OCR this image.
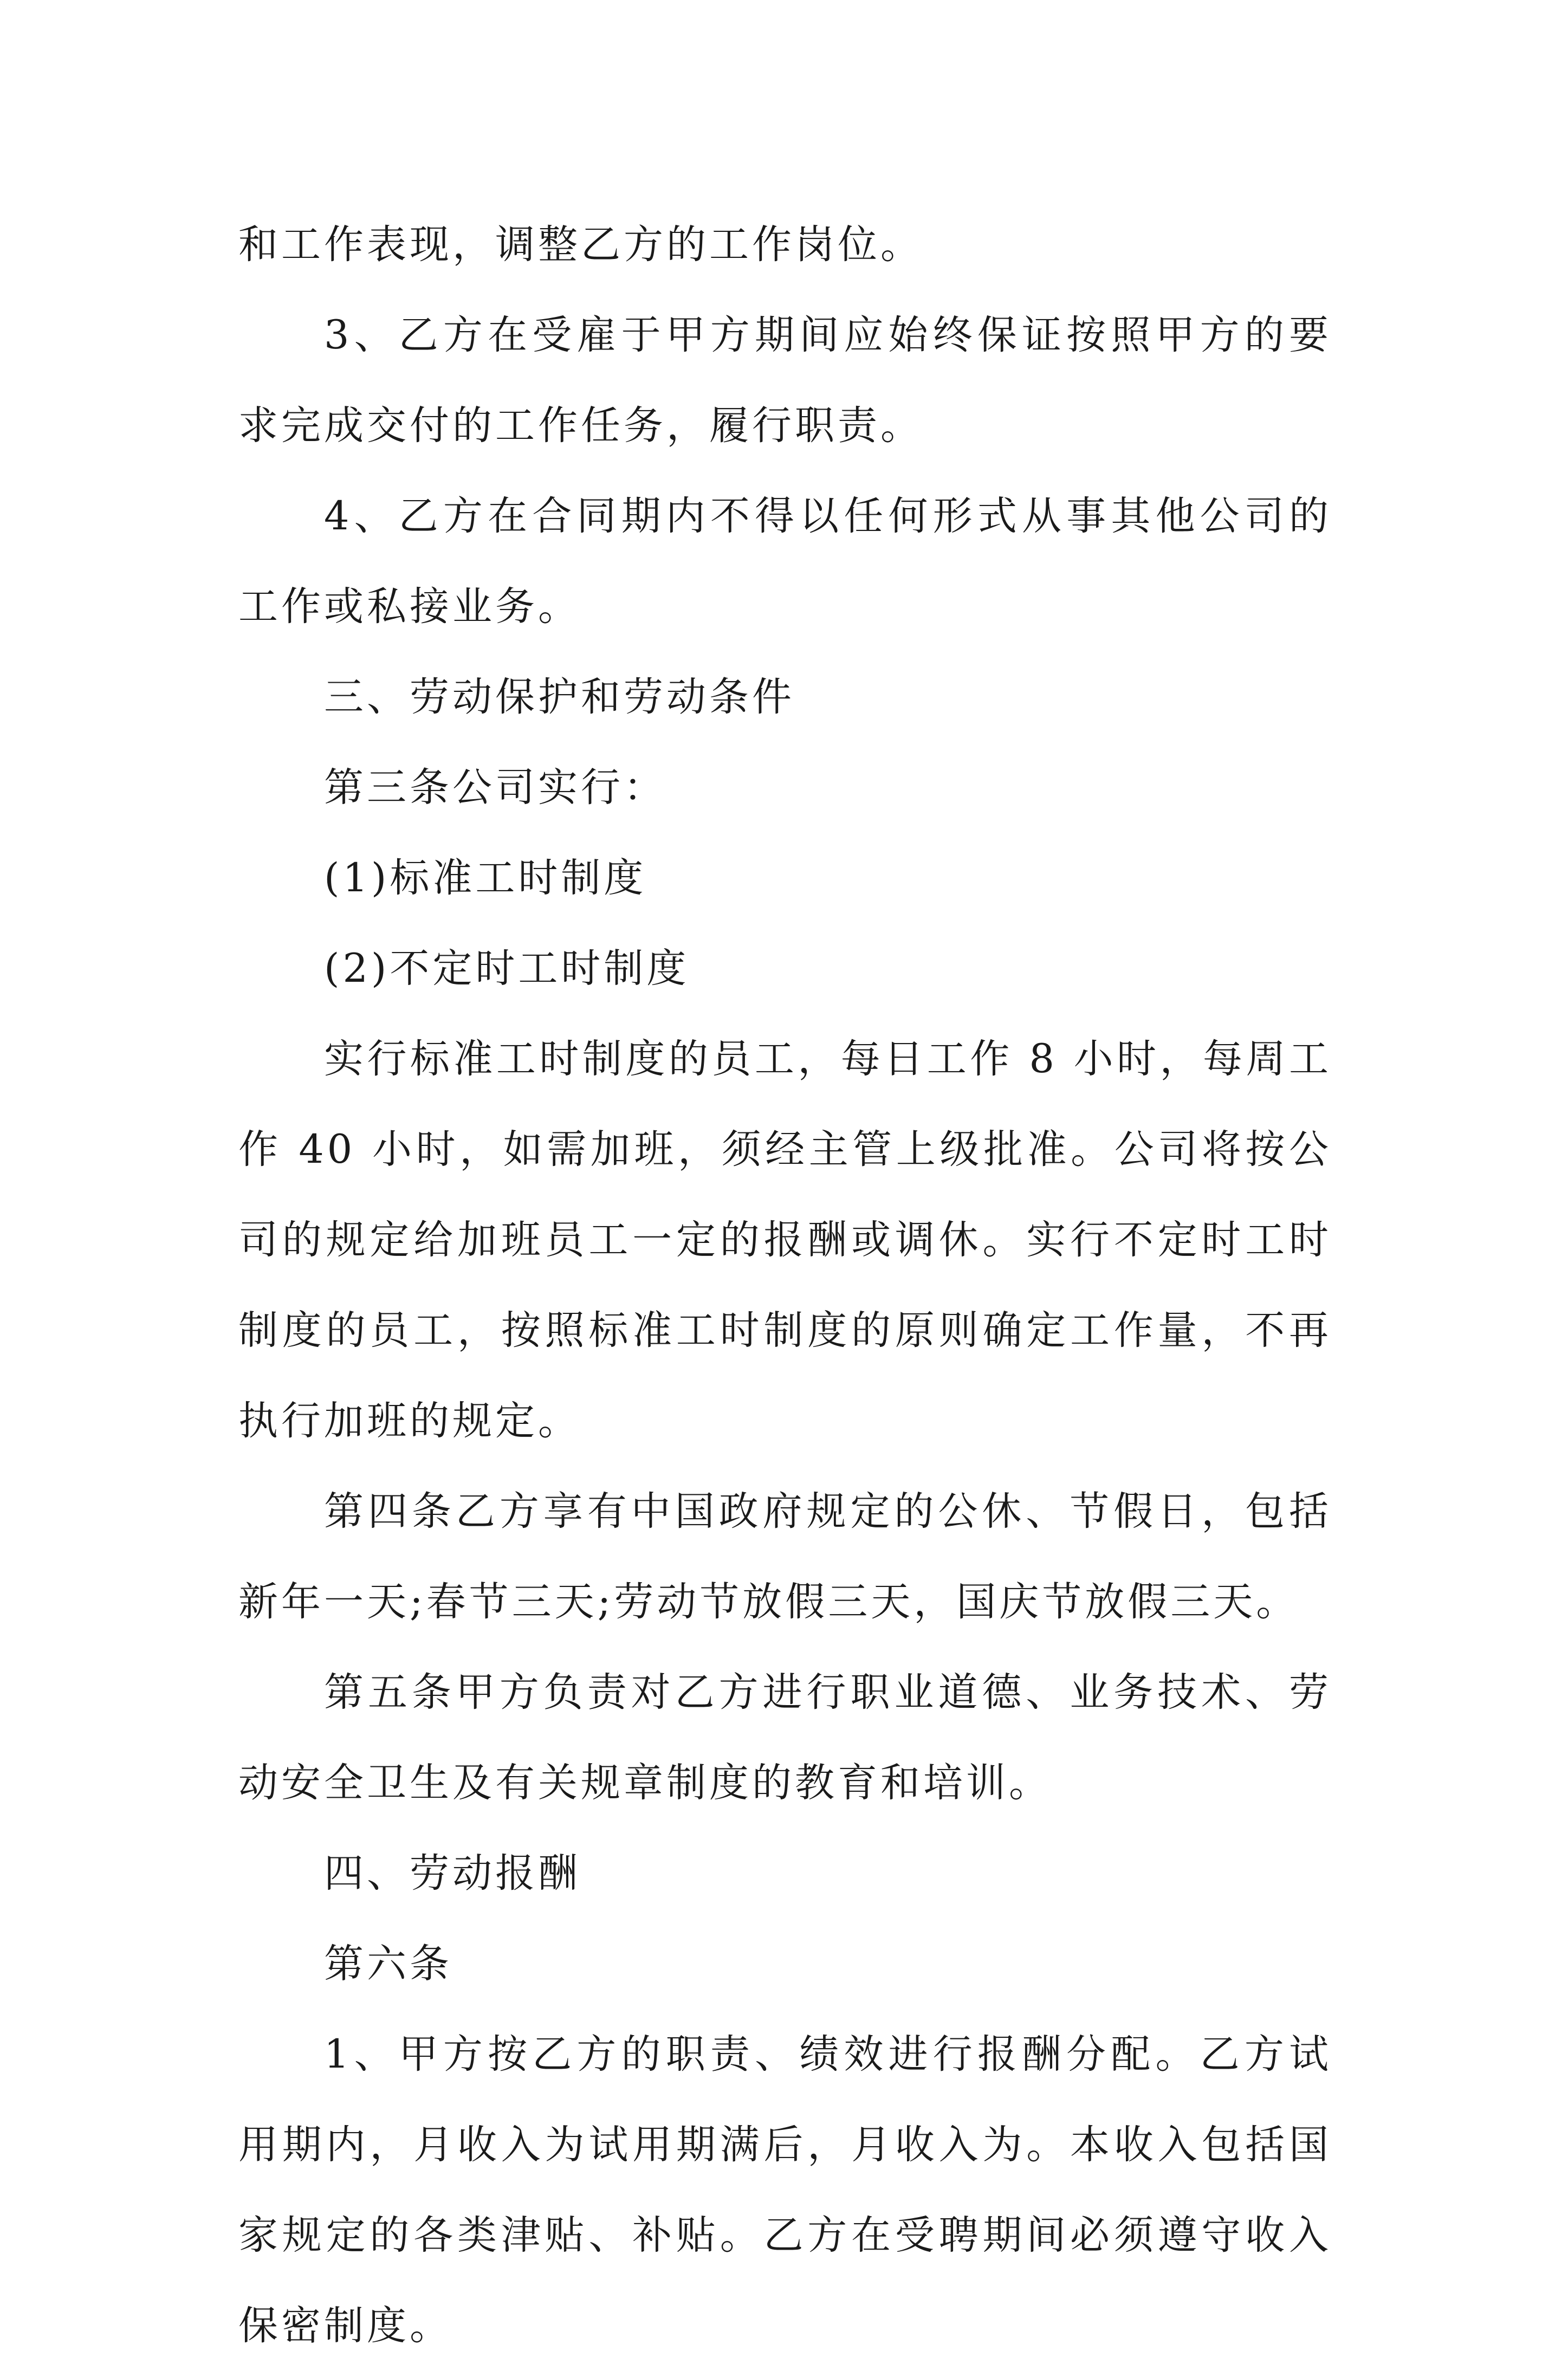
和工作表现，调整乙方的工作岗位。

3、乙方在受雇于甲方期间应始终保证按照甲方的要求完成交付的工作任务，履行职责。

4、乙方在合同期内不得以任何形式从事其他公司的工作或私接业务。

三、劳动保护和劳动条件

第三条公司实行：

(1)标准工时制度

(2)不定时工时制度

实行标准工时制度的员工，每日工作 8 小时，每周工作 40 小时，如需加班，须经主管上级批准。公司将按公司的规定给加班员工一定的报酬或调休。实行不定时工时制度的员工，按照标准工时制度的原则确定工作量，不再执行加班的规定。

第四条乙方享有中国政府规定的公休、节假日，包括新年一天;春节三天;劳动节放假三天，国庆节放假三天。

第五条甲方负责对乙方进行职业道德、业务技术、劳动安全卫生及有关规章制度的教育和培训。

四、劳动报酬

第六条

1、甲方按乙方的职责、绩效进行报酬分配。乙方试用期内，月收入为试用期满后，月收入为。本收入包括国家规定的各类津贴、补贴。乙方在受聘期间必须遵守收入保密制度。
